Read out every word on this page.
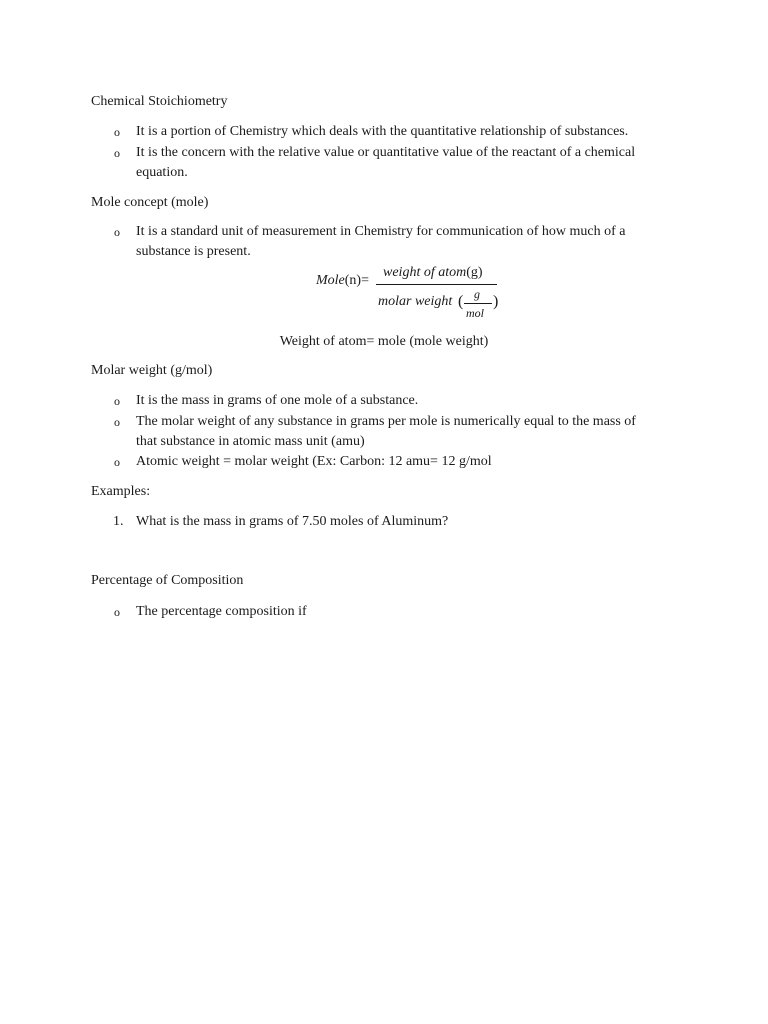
Chemical Stoichiometry
o It is a portion of Chemistry which deals with the quantitative relationship of substances.
o It is the concern with the relative value or quantitative value of the reactant of a chemical
equation.
Mole concept (mole)
o It is a standard unit of measurement in Chemistry for communication of how much of a
substance is present.
Mole(n)=
weight of atom(g)
molar weight ( g
mol
)
Weight of atom= mole (mole weight)
Molar weight (g/mol)
o It is the mass in grams of one mole of a substance.
o The molar weight of any substance in grams per mole is numerically equal to the mass of
that substance in atomic mass unit (amu)
o Atomic weight = molar weight (Ex: Carbon: 12 amu= 12 g/mol
Examples:
1. What is the mass in grams of 7.50 moles of Aluminum?
Percentage of Composition
o The percentage composition if
